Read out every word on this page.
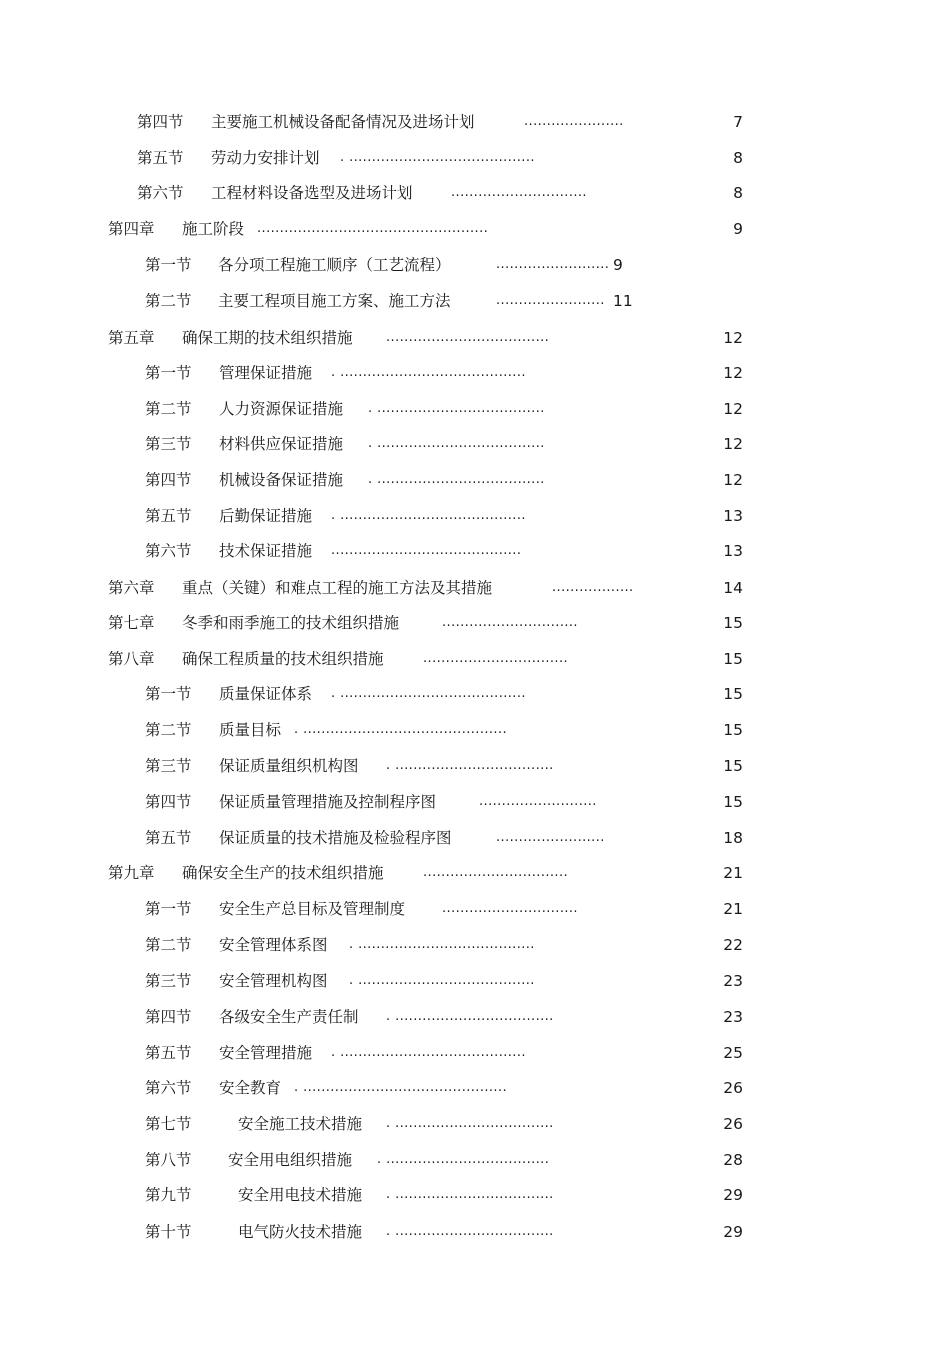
第四节 主要施工机械设备配备情况及进场计划	......................	7
第五节 劳动力安排计划 . .........................................	8
第六节 工程材料设备选型及进场计划	..............................	8
第四章 施工阶段 ...................................................	9
第一节 各分项工程施工顺序（工艺流程）	......................... 9
第二节 主要工程项目施工方案、施工方法	........................ 11
第五章 确保工期的技术组织措施	....................................	12
第一节 管理保证措施 . .........................................	12
第二节 人力资源保证措施 . .....................................	12
第三节 材料供应保证措施 . .....................................	12
第四节 机械设备保证措施 . .....................................	12
第五节 后勤保证措施 . .........................................	13
第六节 技术保证措施 ..........................................	13
第六章 重点（关键）和难点工程的施工方法及其措施	..................	14
第七章 冬季和雨季施工的技术组织措施	..............................	15
第八章 确保工程质量的技术组织措施	................................	15
第一节 质量保证体系 . .........................................	15
第二节 质量目标 . .............................................	15
第三节 保证质量组织机构图 . ...................................	15
第四节 保证质量管理措施及控制程序图	..........................	15
第五节 保证质量的技术措施及检验程序图	........................	18
第九章 确保安全生产的技术组织措施	................................	21
第一节 安全生产总目标及管理制度	..............................	21
第二节 安全管理体系图 . .......................................	22
第三节 安全管理机构图 . .......................................	23
第四节 各级安全生产责任制 . ...................................	23
第五节 安全管理措施 . .........................................	25
第六节 安全教育 . .............................................	26
第七节	安全施工技术措施 . ...................................	26
第八节 安全用电组织措施 . ....................................	28
第九节	安全用电技术措施 . ...................................	29
第十节	电气防火技术措施 . ...................................	29
